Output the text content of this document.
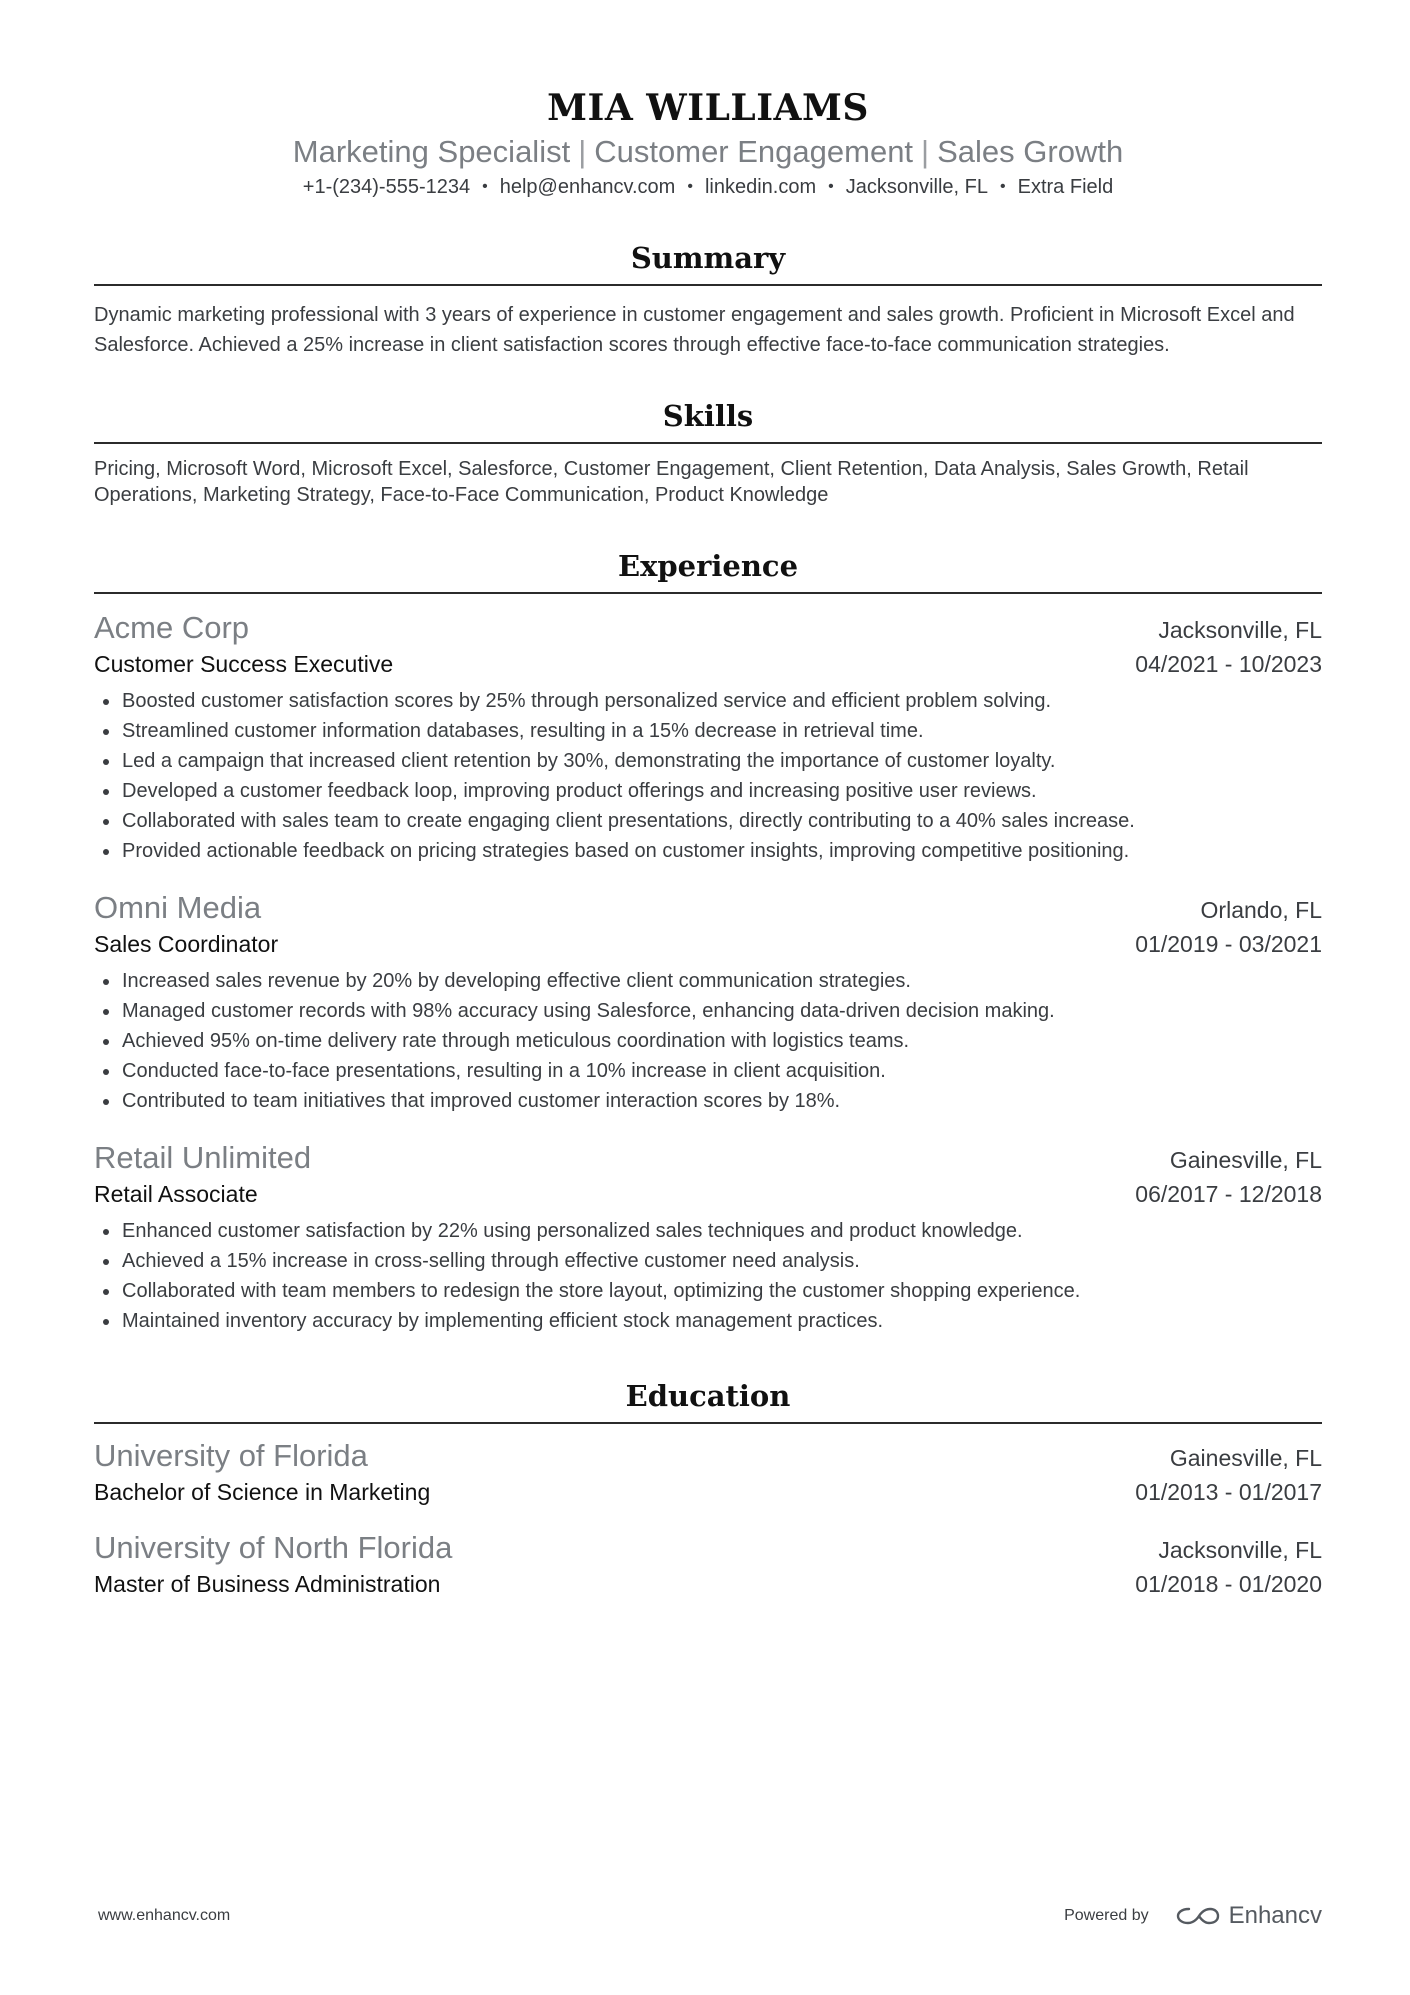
MIA WILLIAMS
Marketing Specialist | Customer Engagement | Sales Growth
+1-(234)-555-1234 • help@enhancv.com • linkedin.com • Jacksonville, FL • Extra Field
Summary
Dynamic marketing professional with 3 years of experience in customer engagement and sales growth. Proficient in Microsoft Excel and Salesforce. Achieved a 25% increase in client satisfaction scores through effective face-to-face communication strategies.
Skills
Pricing, Microsoft Word, Microsoft Excel, Salesforce, Customer Engagement, Client Retention, Data Analysis, Sales Growth, Retail Operations, Marketing Strategy, Face-to-Face Communication, Product Knowledge
Experience
Acme Corp	Jacksonville, FL
Customer Success Executive	04/2021 - 10/2023
Boosted customer satisfaction scores by 25% through personalized service and efficient problem solving.
Streamlined customer information databases, resulting in a 15% decrease in retrieval time.
Led a campaign that increased client retention by 30%, demonstrating the importance of customer loyalty.
Developed a customer feedback loop, improving product offerings and increasing positive user reviews.
Collaborated with sales team to create engaging client presentations, directly contributing to a 40% sales increase.
Provided actionable feedback on pricing strategies based on customer insights, improving competitive positioning.
Omni Media	Orlando, FL
Sales Coordinator	01/2019 - 03/2021
Increased sales revenue by 20% by developing effective client communication strategies.
Managed customer records with 98% accuracy using Salesforce, enhancing data-driven decision making.
Achieved 95% on-time delivery rate through meticulous coordination with logistics teams.
Conducted face-to-face presentations, resulting in a 10% increase in client acquisition.
Contributed to team initiatives that improved customer interaction scores by 18%.
Retail Unlimited	Gainesville, FL
Retail Associate	06/2017 - 12/2018
Enhanced customer satisfaction by 22% using personalized sales techniques and product knowledge.
Achieved a 15% increase in cross-selling through effective customer need analysis.
Collaborated with team members to redesign the store layout, optimizing the customer shopping experience.
Maintained inventory accuracy by implementing efficient stock management practices.
Education
University of Florida	Gainesville, FL
Bachelor of Science in Marketing	01/2013 - 01/2017
University of North Florida	Jacksonville, FL
Master of Business Administration	01/2018 - 01/2020
www.enhancv.com	Powered by	Enhancv
